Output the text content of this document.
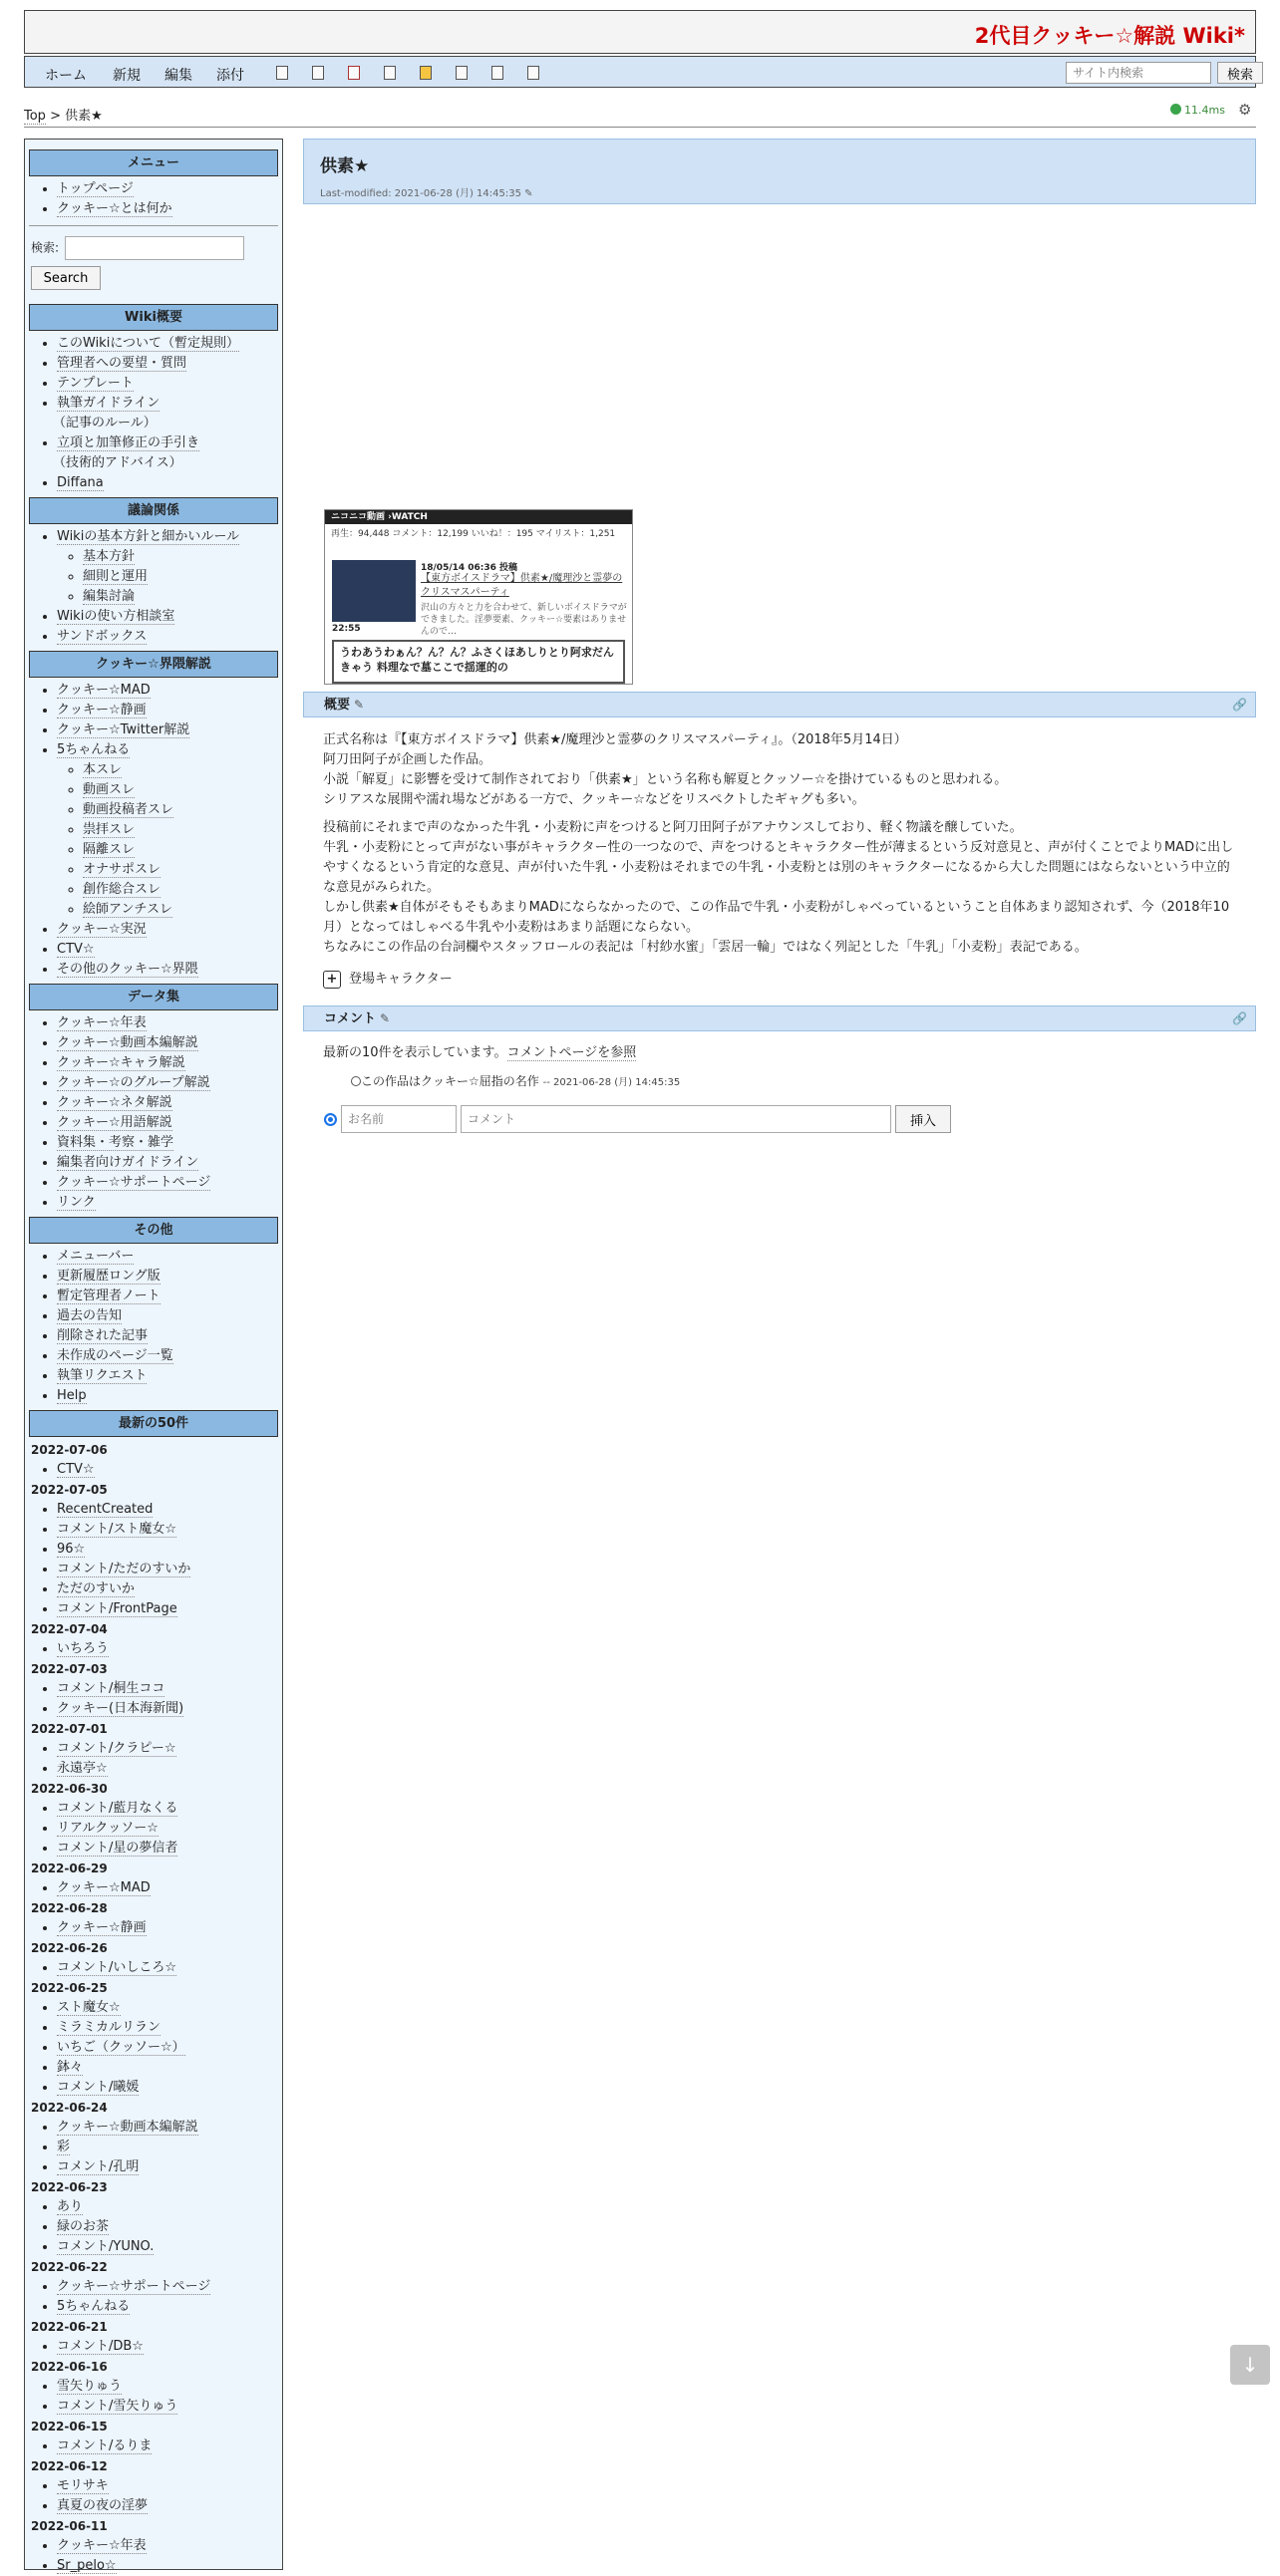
2代目クッキー☆解説 Wiki*
ホーム 新規 編集 添付
サイト内検索	検索
Top > 供素★	11.4ms ⚙
メニュー
• トップページ
• クッキー☆とは何か
検索:
Search
Wiki概要
• このWikiについて（暫定規則）
• 管理者への要望・質問
• テンプレート
• 執筆ガイドライン
（記事のルール）
• 立項と加筆修正の手引き
（技術的アドバイス）
• Diffana
議論関係
• Wikiの基本方針と細かいルール
◦ 基本方針
◦ 細則と運用
◦ 編集討論
• Wikiの使い方相談室
• サンドボックス
クッキー☆界隈解説
• クッキー☆MAD
• クッキー☆静画
• クッキー☆Twitter解説
• 5ちゃんねる
◦ 本スレ
◦ 動画スレ
◦ 動画投稿者スレ
◦ 祟拝スレ
◦ 隔離スレ
◦ オナサポスレ
◦ 創作総合スレ
◦ 絵師アンチスレ
• クッキー☆実況
• CTV☆
• その他のクッキー☆界隈
データ集
• クッキー☆年表
• クッキー☆動画本編解説
• クッキー☆キャラ解説
• クッキー☆のグループ解説
• クッキー☆ネタ解説
• クッキー☆用語解説
• 資料集・考察・雑学
• 編集者向けガイドライン
• クッキー☆サポートページ
• リンク
その他
• メニューバー
• 更新履歴ロング版
• 暫定管理者ノート
• 過去の告知
• 削除された記事
• 未作成のページ一覧
• 執筆リクエスト
• Help
最新の50件
2022-07-06
• CTV☆
2022-07-05
• RecentCreated
• コメント/スト魔女☆
• 96☆
• コメント/ただのすいか
• ただのすいか
• コメント/FrontPage
2022-07-04
• いちろう
2022-07-03
• コメント/桐生ココ
• クッキー(日本海新聞)
2022-07-01
• コメント/クラピー☆
• 永遠亭☆
2022-06-30
• コメント/藍月なくる
• リアルクッソー☆
• コメント/星の夢信者
2022-06-29
• クッキー☆MAD
2022-06-28
• クッキー☆静画
2022-06-26
• コメント/いしころ☆
2022-06-25
• スト魔女☆
• ミラミカルリラン
• いちご（クッソー☆）
• 鉢々
• コメント/曦媛
2022-06-24
• クッキー☆動画本編解説
• 彩
• コメント/孔明
2022-06-23
• あり
• 緑のお茶
• コメント/YUNO.
2022-06-22
• クッキー☆サポートページ
• 5ちゃんねる
2022-06-21
• コメント/DB☆
2022-06-16
• 雪矢りゅう
• コメント/雪矢りゅう
2022-06-15
• コメント/るりま
2022-06-12
• モリサキ
• 真夏の夜の淫夢
2022-06-11
• クッキー☆年表
• Sr_pelo☆
供素★
Last-modified: 2021-06-28 (月) 14:45:35 ✎
ニコニコ動画 ›WATCH
再生：94,448 コメント：12,199 いいね！：195 マイリスト：1,251
22:55
18/05/14 06:36 投稿
【東方ボイスドラマ】供素★/魔理沙と霊夢のクリスマスパーティ
沢山の方々と力を合わせて、新しいボイスドラマができました。淫夢要素、クッキー☆要素はありませんので…
うわあうわぁん？ん？ん？ふさくほあしりとり阿求だんきゃう 料理なで墓ここで揺運的の
概要 ✎	🔗
正式名称は『【東方ボイスドラマ】供素★/魔理沙と霊夢のクリスマスパーティ』。（2018年5月14日）
阿刀田阿子が企画した作品。
小説「解夏」に影響を受けて制作されており「供素★」という名称も解夏とクッソー☆を掛けているものと思われる。
シリアスな展開や濡れ場などがある一方で、クッキー☆などをリスペクトしたギャグも多い。
投稿前にそれまで声のなかった牛乳・小麦粉に声をつけると阿刀田阿子がアナウンスしており、軽く物議を醸していた。
牛乳・小麦粉にとって声がない事がキャラクター性の一つなので、声をつけるとキャラクター性が薄まるという反対意見と、声が付くことでよりMADに出しやすくなるという肯定的な意見、声が付いた牛乳・小麦粉はそれまでの牛乳・小麦粉とは別のキャラクターになるから大した問題にはならないという中立的な意見がみられた。
しかし供素★自体がそもそもあまりMADにならなかったので、この作品で牛乳・小麦粉がしゃべっているということ自体あまり認知されず、今（2018年10月）となってはしゃべる牛乳や小麦粉はあまり話題にならない。
ちなみにこの作品の台詞欄やスタッフロールの表記は「村紗水蜜」「雲居一輪」ではなく列記とした「牛乳」「小麦粉」表記である。
+ 登場キャラクター
コメント ✎	🔗
最新の10件を表示しています。コメントページを参照
この作品はクッキー☆屈指の名作 -- 2021-06-28 (月) 14:45:35
お名前
コメント
挿入
↓
